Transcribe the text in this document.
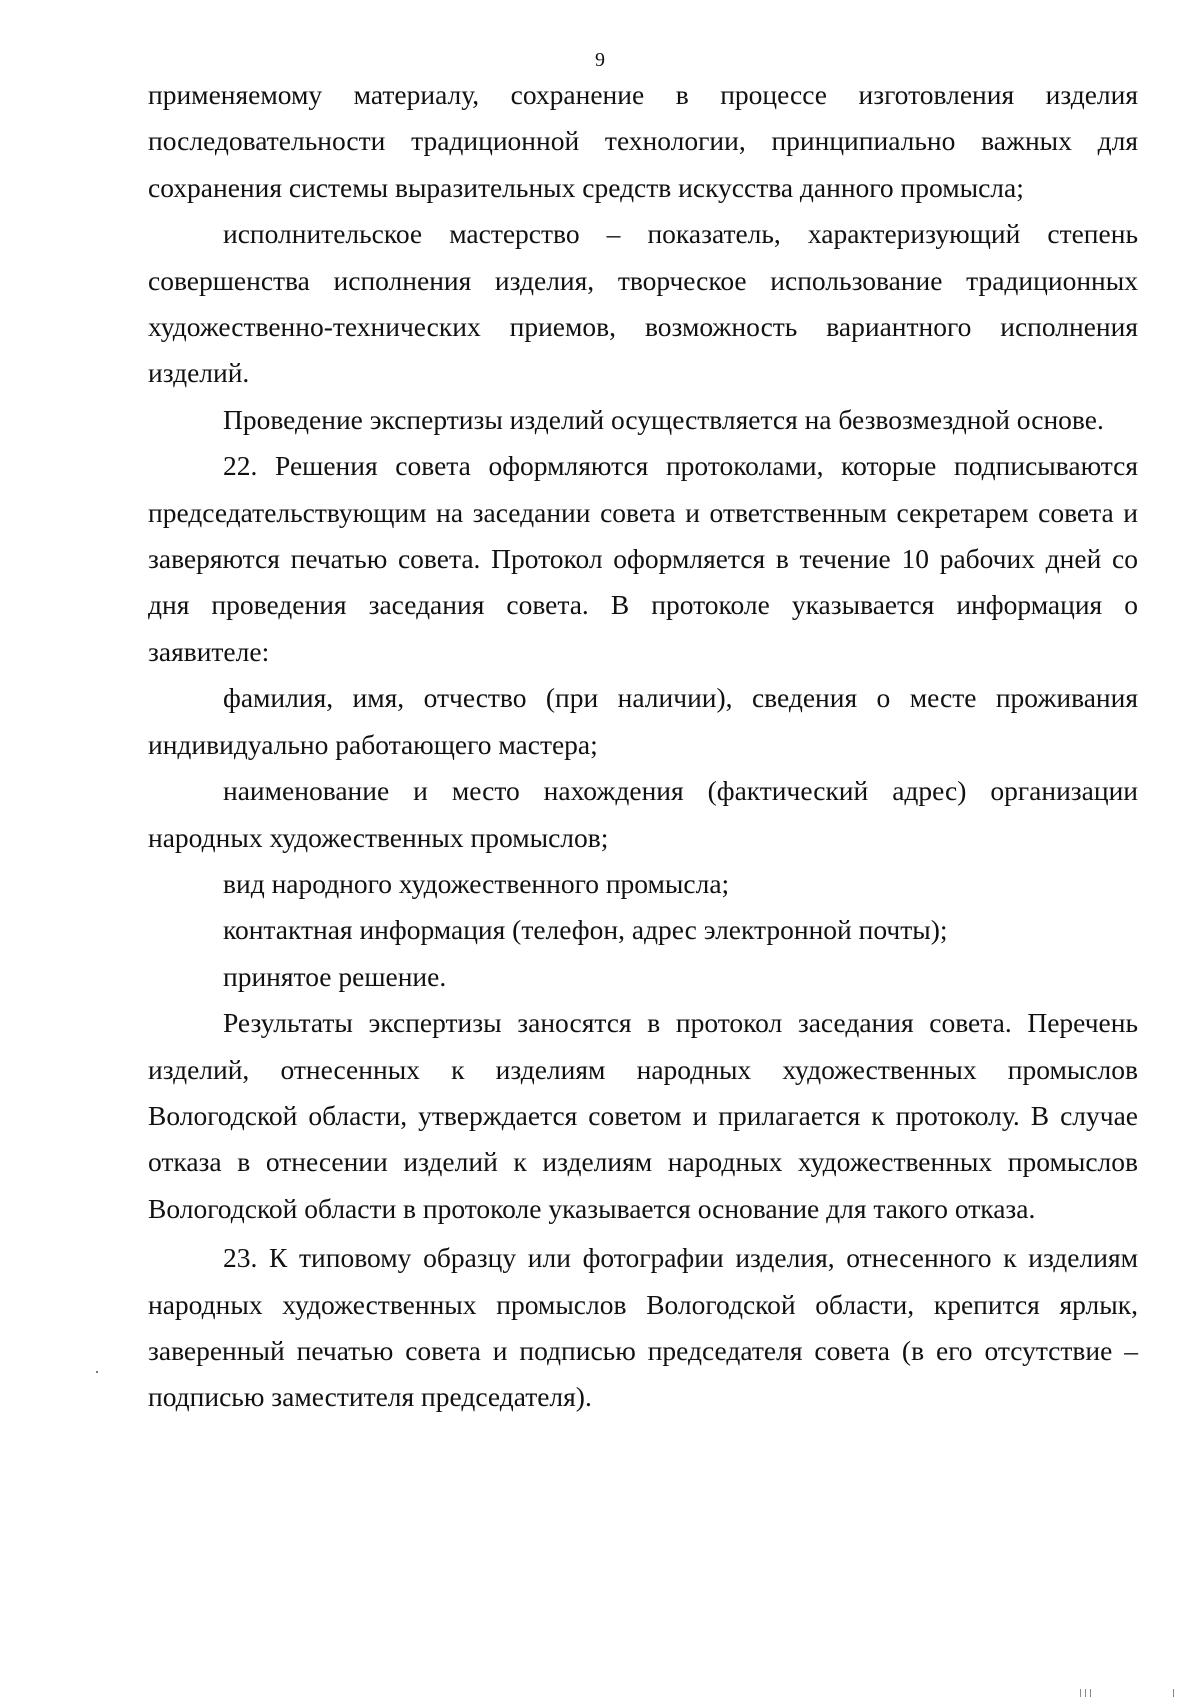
9

применяемому материалу, сохранение в процессе изготовления изделия последовательности традиционной технологии, принципиально важных для сохранения системы выразительных средств искусства данного промысла;

исполнительское мастерство – показатель, характеризующий степень совершенства исполнения изделия, творческое использование традиционных художественно-технических приемов, возможность вариантного исполнения изделий.

Проведение экспертизы изделий осуществляется на безвозмездной основе.

22. Решения совета оформляются протоколами, которые подписываются председательствующим на заседании совета и ответственным секретарем совета и заверяются печатью совета. Протокол оформляется в течение 10 рабочих дней со дня проведения заседания совета. В протоколе указывается информация о заявителе:

фамилия, имя, отчество (при наличии), сведения о месте проживания индивидуально работающего мастера;

наименование и место нахождения (фактический адрес) организации народных художественных промыслов;

вид народного художественного промысла;

контактная информация (телефон, адрес электронной почты);

принятое решение.

Результаты экспертизы заносятся в протокол заседания совета. Перечень изделий, отнесенных к изделиям народных художественных промыслов Вологодской области, утверждается советом и прилагается к протоколу. В случае отказа в отнесении изделий к изделиям народных художественных промыслов Вологодской области в протоколе указывается основание для такого отказа.

23. К типовому образцу или фотографии изделия, отнесенного к изделиям народных художественных промыслов Вологодской области, крепится ярлык, заверенный печатью совета и подписью председателя совета (в его отсутствие – подписью заместителя председателя).
